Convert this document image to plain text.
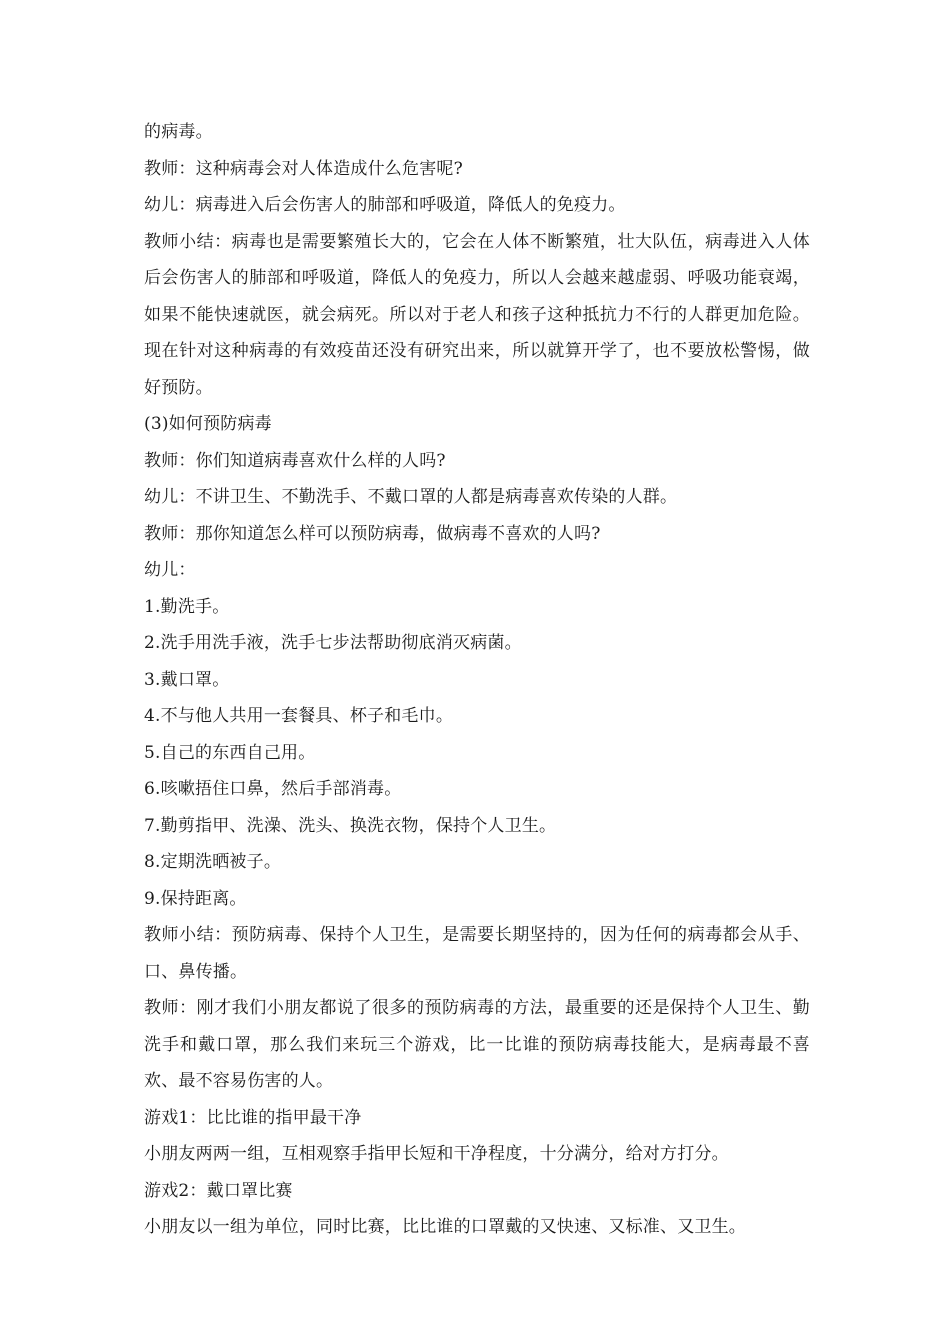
的病毒。

教师：这种病毒会对人体造成什么危害呢?

幼儿：病毒进入后会伤害人的肺部和呼吸道，降低人的免疫力。

教师小结：病毒也是需要繁殖长大的，它会在人体不断繁殖，壮大队伍，病毒进入人体后会伤害人的肺部和呼吸道，降低人的免疫力，所以人会越来越虚弱、呼吸功能衰竭，如果不能快速就医，就会病死。所以对于老人和孩子这种抵抗力不行的人群更加危险。现在针对这种病毒的有效疫苗还没有研究出来，所以就算开学了，也不要放松警惕，做好预防。

(3)如何预防病毒

教师：你们知道病毒喜欢什么样的人吗?

幼儿：不讲卫生、不勤洗手、不戴口罩的人都是病毒喜欢传染的人群。

教师：那你知道怎么样可以预防病毒，做病毒不喜欢的人吗?

幼儿：

1.勤洗手。

2.洗手用洗手液，洗手七步法帮助彻底消灭病菌。

3.戴口罩。

4.不与他人共用一套餐具、杯子和毛巾。

5.自己的东西自己用。

6.咳嗽捂住口鼻，然后手部消毒。

7.勤剪指甲、洗澡、洗头、换洗衣物，保持个人卫生。

8.定期洗晒被子。

9.保持距离。

教师小结：预防病毒、保持个人卫生，是需要长期坚持的，因为任何的病毒都会从手、口、鼻传播。

教师：刚才我们小朋友都说了很多的预防病毒的方法，最重要的还是保持个人卫生、勤洗手和戴口罩，那么我们来玩三个游戏，比一比谁的预防病毒技能大，是病毒最不喜欢、最不容易伤害的人。

游戏1：比比谁的指甲最干净

小朋友两两一组，互相观察手指甲长短和干净程度，十分满分，给对方打分。

游戏2：戴口罩比赛

小朋友以一组为单位，同时比赛，比比谁的口罩戴的又快速、又标准、又卫生。
